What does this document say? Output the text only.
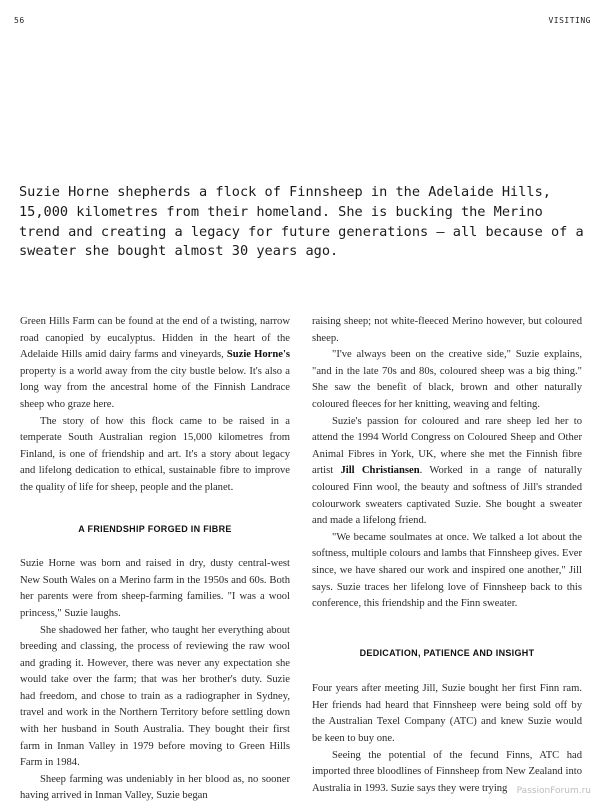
56	VISITING

Suzie Horne shepherds a flock of Finnsheep in the Adelaide Hills, 15,000 kilometres from their homeland. She is bucking the Merino trend and creating a legacy for future generations – all because of a sweater she bought almost 30 years ago.

Green Hills Farm can be found at the end of a twisting, narrow road canopied by eucalyptus. Hidden in the heart of the Adelaide Hills amid dairy farms and vineyards, Suzie Horne's property is a world away from the city bustle below. It's also a long way from the ancestral home of the Finnish Landrace sheep who graze here.

The story of how this flock came to be raised in a temperate South Australian region 15,000 kilometres from Finland, is one of friendship and art. It's a story about legacy and lifelong dedication to ethical, sustainable fibre to improve the quality of life for sheep, people and the planet.

A FRIENDSHIP FORGED IN FIBRE

Suzie Horne was born and raised in dry, dusty central-west New South Wales on a Merino farm in the 1950s and 60s. Both her parents were from sheep-farming families. "I was a wool princess," Suzie laughs.

She shadowed her father, who taught her everything about breeding and classing, the process of reviewing the raw wool and grading it. However, there was never any expectation she would take over the farm; that was her brother's duty. Suzie had freedom, and chose to train as a radiographer in Sydney, travel and work in the Northern Territory before settling down with her husband in South Australia. They bought their first farm in Inman Valley in 1979 before moving to Green Hills Farm in 1984.

Sheep farming was undeniably in her blood as, no sooner having arrived in Inman Valley, Suzie began

raising sheep; not white-fleeced Merino however, but coloured sheep.

"I've always been on the creative side," Suzie explains, "and in the late 70s and 80s, coloured sheep was a big thing." She saw the benefit of black, brown and other naturally coloured fleeces for her knitting, weaving and felting.

Suzie's passion for coloured and rare sheep led her to attend the 1994 World Congress on Coloured Sheep and Other Animal Fibres in York, UK, where she met the Finnish fibre artist Jill Christiansen. Worked in a range of naturally coloured Finn wool, the beauty and softness of Jill's stranded colourwork sweaters captivated Suzie. She bought a sweater and made a lifelong friend.

"We became soulmates at once. We talked a lot about the softness, multiple colours and lambs that Finnsheep gives. Ever since, we have shared our work and inspired one another," Jill says. Suzie traces her lifelong love of Finnsheep back to this conference, this friendship and the Finn sweater.

DEDICATION, PATIENCE AND INSIGHT

Four years after meeting Jill, Suzie bought her first Finn ram. Her friends had heard that Finnsheep were being sold off by the Australian Texel Company (ATC) and knew Suzie would be keen to buy one.

Seeing the potential of the fecund Finns, ATC had imported three bloodlines of Finnsheep from New Zealand into Australia in 1993. Suzie says they were trying	PassionForum.ru
